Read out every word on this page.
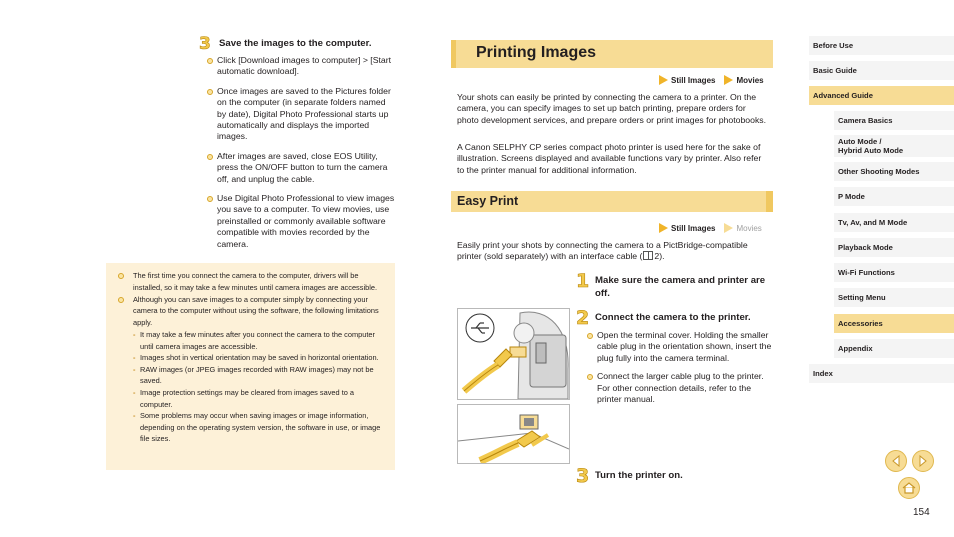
3 Save the images to the computer.
Click [Download images to computer] > [Start automatic download].
Once images are saved to the Pictures folder on the computer (in separate folders named by date), Digital Photo Professional starts up automatically and displays the imported images.
After images are saved, close EOS Utility, press the ON/OFF button to turn the camera off, and unplug the cable.
Use Digital Photo Professional to view images you save to a computer. To view movies, use preinstalled or commonly available software compatible with movies recorded by the camera.
The first time you connect the camera to the computer, drivers will be installed, so it may take a few minutes until camera images are accessible.
Although you can save images to a computer simply by connecting your camera to the computer without using the software, the following limitations apply.
- It may take a few minutes after you connect the camera to the computer until camera images are accessible.
- Images shot in vertical orientation may be saved in horizontal orientation.
- RAW images (or JPEG images recorded with RAW images) may not be saved.
- Image protection settings may be cleared from images saved to a computer.
- Some problems may occur when saving images or image information, depending on the operating system version, the software in use, or image file sizes.
Printing Images
Still Images	Movies

Your shots can easily be printed by connecting the camera to a printer. On the camera, you can specify images to set up batch printing, prepare orders for photo development services, and prepare orders or print images for photobooks.

A Canon SELPHY CP series compact photo printer is used here for the sake of illustration. Screens displayed and available functions vary by printer. Also refer to the printer manual for additional information.

Easy Print
Still Images	Movies

Easily print your shots by connecting the camera to a PictBridge-compatible printer (sold separately) with an interface cable ( 2).

1 Make sure the camera and printer are off.
2 Connect the camera to the printer.
Open the terminal cover. Holding the smaller cable plug in the orientation shown, insert the plug fully into the camera terminal.
Connect the larger cable plug to the printer. For other connection details, refer to the printer manual.
3 Turn the printer on.
Before Use
Basic Guide
Advanced Guide
Camera Basics
Auto Mode /
Hybrid Auto Mode
Other Shooting Modes
P Mode
Tv, Av, and M Mode
Playback Mode
Wi-Fi Functions
Setting Menu
Accessories
Appendix
Index
154
